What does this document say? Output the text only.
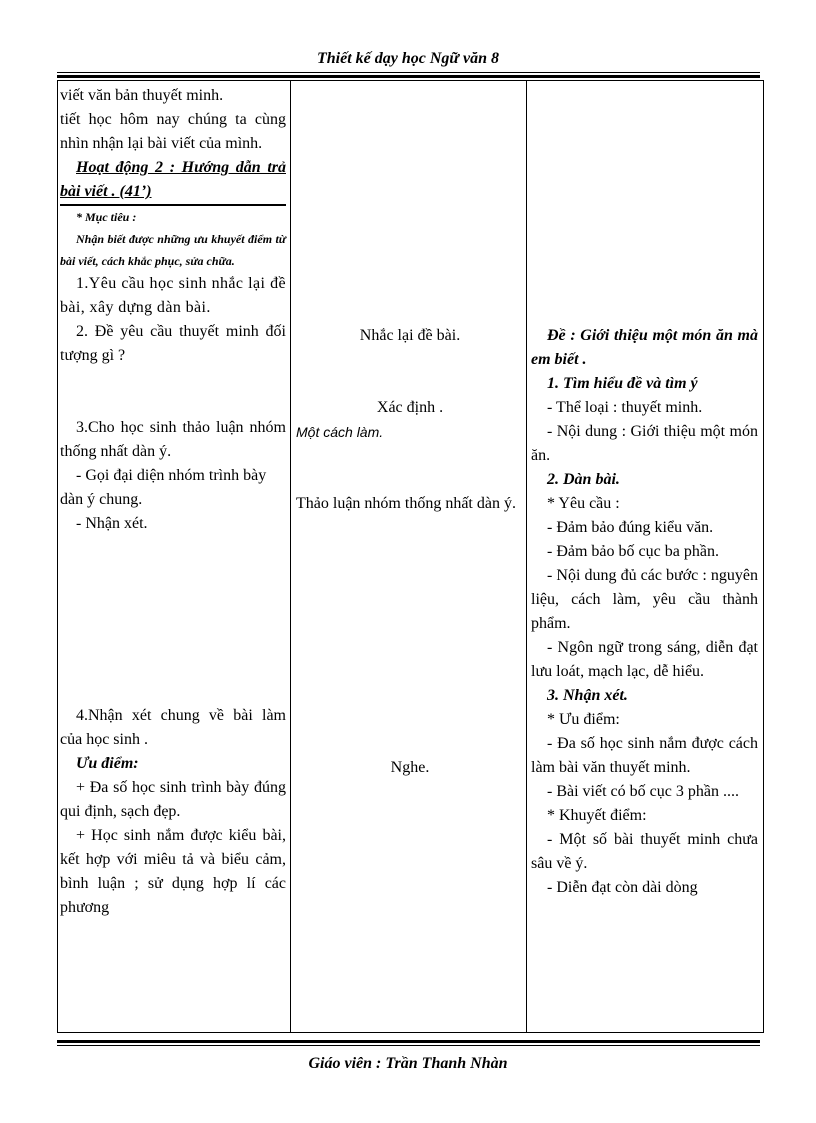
Thiết kế dạy học Ngữ văn 8

viết văn bản thuyết minh.

tiết học hôm nay chúng ta cùng nhìn nhận lại bài viết của mình.

Hoạt động 2 : Hướng dẫn trả bài viết . (41’)

* Mục tiêu :

Nhận biết được những ưu khuyết điểm từ bài viết, cách khắc phục, sửa chữa.

1.Yêu cầu học sinh nhắc lại đề bài, xây dựng dàn bài.

2. Đề yêu cầu thuyết minh đối tượng gì ?

3.Cho học sinh thảo luận nhóm thống nhất dàn ý.

- Gọi đại diện nhóm trình bày dàn ý chung.

- Nhận xét.

4.Nhận xét chung về bài làm của học sinh .

Ưu điểm:

+ Đa số học sinh trình bày đúng qui định, sạch đẹp.

+ Học sinh nắm được kiểu bài, kết hợp với miêu tả và biểu cảm, bình luận ; sử dụng hợp lí các phương

Nhắc lại đề bài.

Xác định .

Một cách làm.

Thảo luận nhóm thống nhất dàn ý.

Nghe.

Đề : Giới thiệu một món ăn mà em biết .

1. Tìm hiểu đề và tìm ý

- Thể loại : thuyết minh.

- Nội dung : Giới thiệu một món ăn.

2. Dàn bài.

* Yêu cầu :

- Đảm bảo đúng kiểu văn.

- Đảm bảo bố cục ba phần.

- Nội dung đủ các bước : nguyên liệu, cách làm, yêu cầu thành phẩm.

- Ngôn ngữ trong sáng, diễn đạt lưu loát, mạch lạc, dễ hiểu.

3. Nhận xét.

* Ưu điểm:

- Đa số học sinh nắm được cách làm bài văn thuyết minh.

- Bài viết có bố cục 3 phần ....

* Khuyết điểm:

- Một số bài thuyết minh chưa sâu về ý.

- Diễn đạt còn dài dòng

Giáo viên : Trần Thanh Nhàn
